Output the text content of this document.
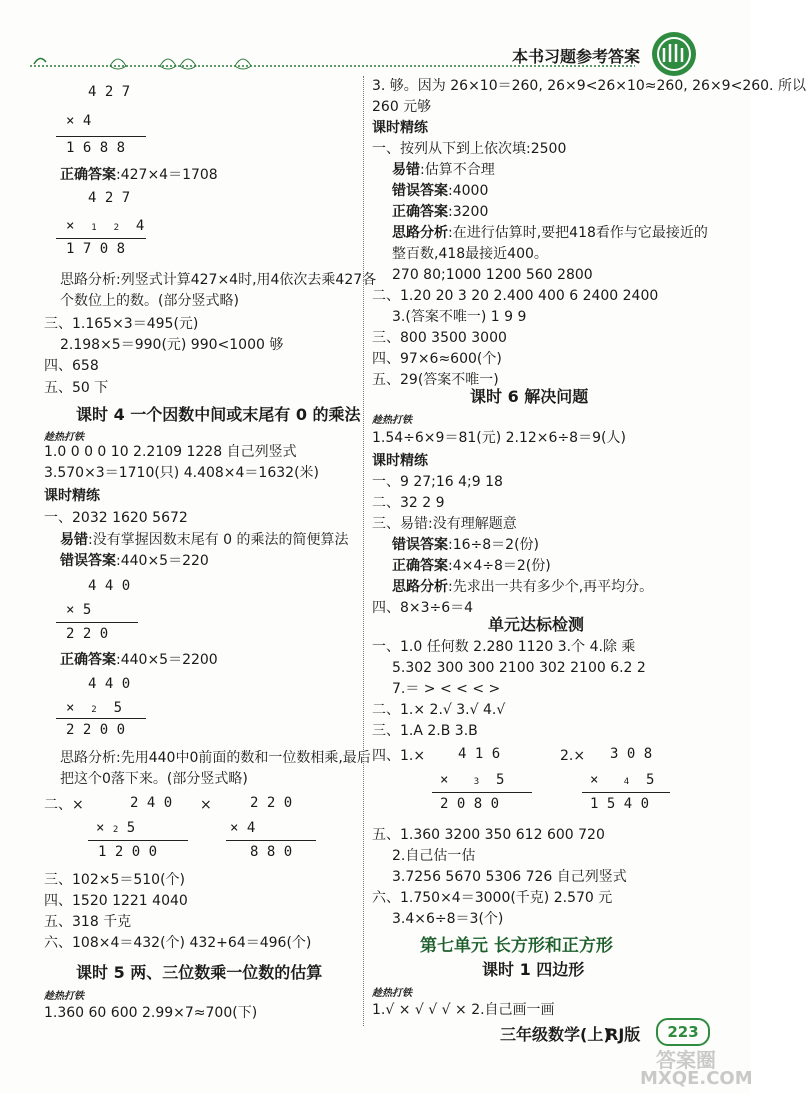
本书习题参考答案
4 2 7
× 4
1 6 8 8
正确答案:427×4＝1708
4 2 7
× 1 2 4
1 7 0 8
思路分析:列竖式计算427×4时,用4依次去乘427各
个数位上的数。(部分竖式略)
三、1.165×3＝495(元)
2.198×5＝990(元) 990<1000 够
四、658
五、50 下
课时 4 一个因数中间或末尾有 0 的乘法
趁热打铁
1.0 0 0 0 10 2.2109 1228 自己列竖式
3.570×3＝1710(只) 4.408×4＝1632(米)
课时精练
一、2032 1620 5672
易错:没有掌握因数末尾有 0 的乘法的简便算法
错误答案:440×5＝220
4 4 0
× 5
2 2 0
正确答案:440×5＝2200
4 4 0
× 2 5
2 2 0 0
思路分析:先用440中0前面的数和一位数相乘,最后
把这个0落下来。(部分竖式略)
二、×	2 4 0
× 2 5
1 2 0 0
×	2 2 0
× 4
8 8 0
三、102×5＝510(个)
四、1520 1221 4040
五、318 千克
六、108×4＝432(个) 432+64＝496(个)
课时 5 两、三位数乘一位数的估算
趁热打铁
1.360 60 600 2.99×7≈700(下)
3. 够。因为 26×10＝260, 26×9<26×10≈260, 26×9<260. 所以
260 元够
课时精练
一、按列从下到上依次填:2500
易错:估算不合理
错误答案:4000
正确答案:3200
思路分析:在进行估算时,要把418看作与它最接近的
整百数,418最接近400。
270 80;1000 1200 560 2800
二、1.20 20 3 20 2.400 400 6 2400 2400
3.(答案不唯一) 1 9 9
三、800 3500 3000
四、97×6≈600(个)
五、29(答案不唯一)
课时 6 解决问题
趁热打铁
1.54÷6×9＝81(元) 2.12×6÷8＝9(人)
课时精练
一、9 27;16 4;9 18
二、32 2 9
三、易错:没有理解题意
错误答案:16÷8＝2(份)
正确答案:4×4÷8＝2(份)
思路分析:先求出一共有多少个,再平均分。
四、8×3÷6＝4
单元达标检测
一、1.0 任何数 2.280 1120 3.个 4.除 乘
5.302 300 300 2100 302 2100 6.2 2
7.＝ > < < < >
二、1.× 2.√ 3.√ 4.√
三、1.A 2.B 3.B
四、1.× 4 1 6
×	3 5
2 0 8 0
2.× 3 0 8
×	4 5
1 5 4 0
五、1.360 3200 350 612 600 720
2.自己估一估
3.7256 5670 5306 726 自己列竖式
六、1.750×4＝3000(千克) 2.570 元
3.4×6÷8＝3(个)
第七单元 长方形和正方形
课时 1 四边形
趁热打铁
1.√ × √ √ √ × 2.自己画一画
三年级数学(上)
RJ版	223
答案圈
MXQE.COM
